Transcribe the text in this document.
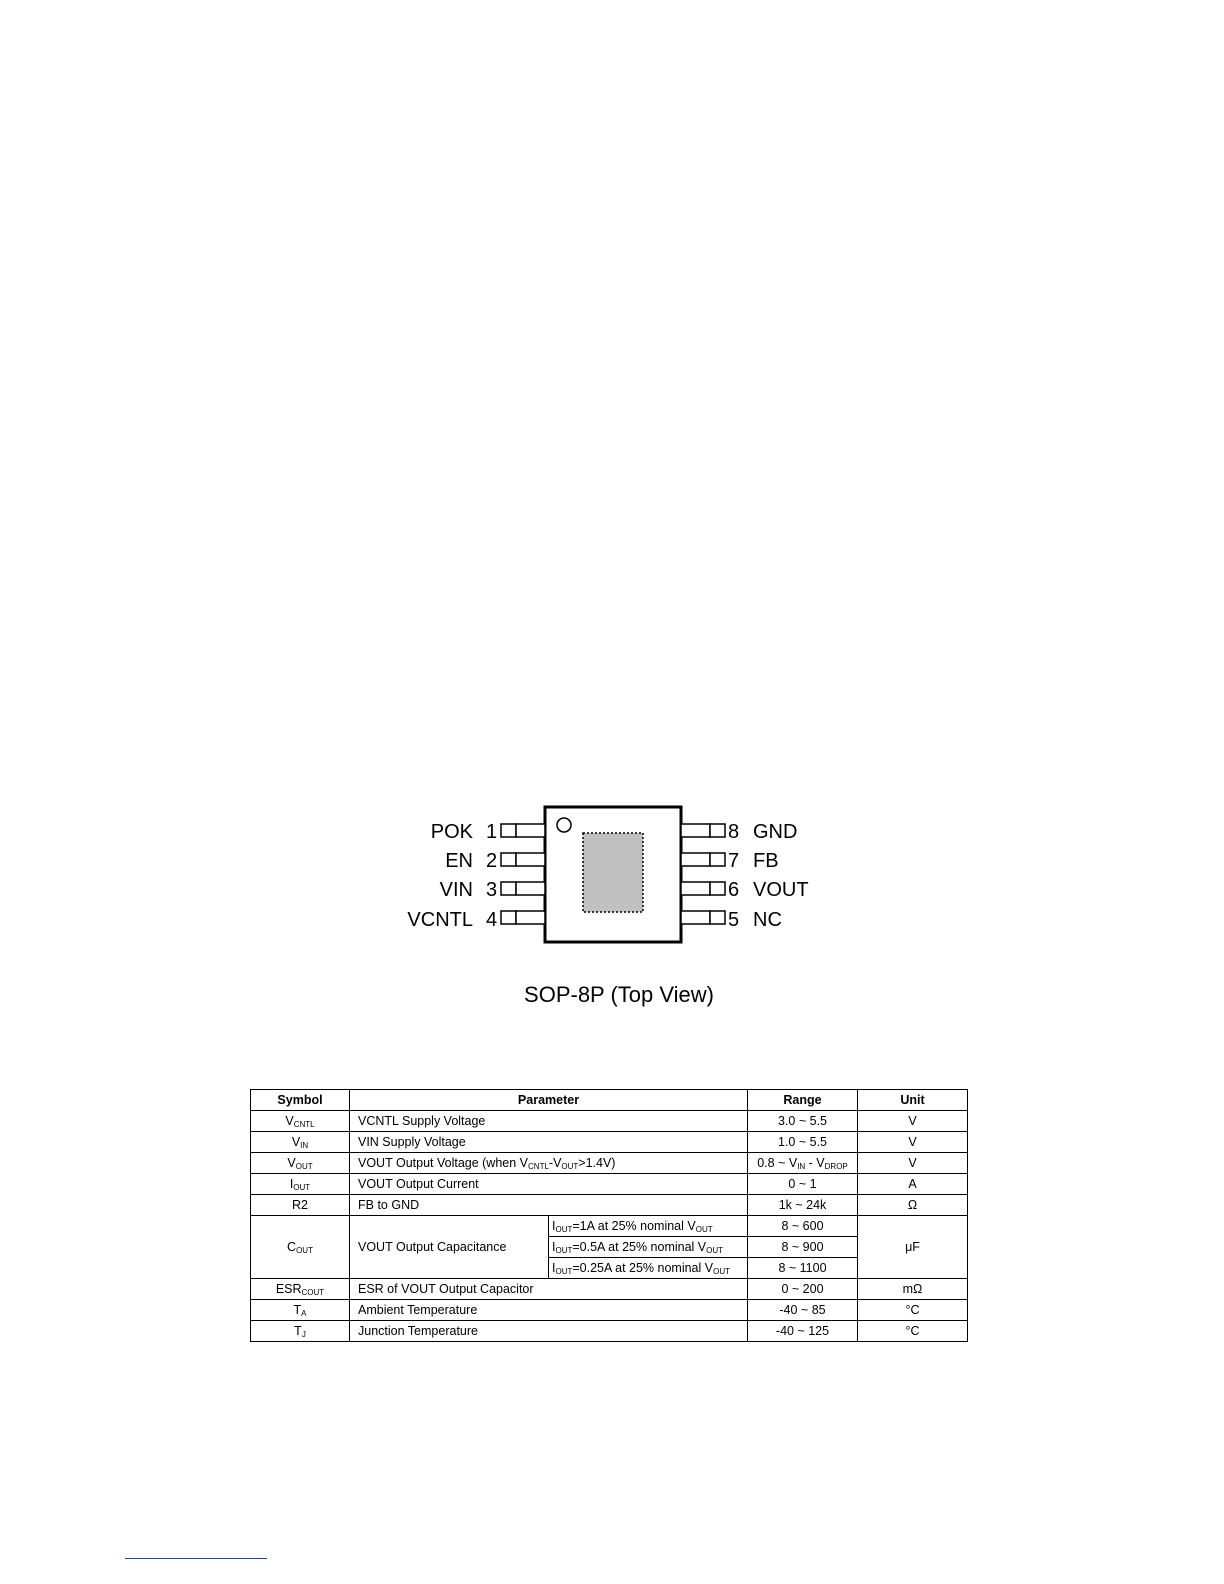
POK 1
EN 2
VIN 3
VCNTL 4
8 GND
7 FB
6 VOUT
5 NC
SOP-8P (Top View)
Symbol	Parameter		Range	Unit
$V_{CNTL}$	VCNTL Supply Voltage		3.0 ~ 5.5	V
$V_{IN}$	VIN Supply Voltage		1.0 ~ 5.5	V
$V_{OUT}$	VOUT Output Voltage (when $V_{CNTL}-V_{OUT}>1.4V$)		0.8 ~ $V_{IN} - V_{DROP}$	V
$I_{OUT}$	VOUT Output Current		0 ~ 1	A
R2	FB to GND		1k ~ 24k	Ω
$C_{OUT}$	VOUT Output Capacitance	$I_{OUT}=1A$ at 25% nominal $V_{OUT}$	8 ~ 600	μF
		$I_{OUT}=0.5A$ at 25% nominal $V_{OUT}$	8 ~ 900	
		$I_{OUT}=0.25A$ at 25% nominal $V_{OUT}$	8 ~ 1100	
$ESR_{COUT}$	ESR of VOUT Output Capacitor		0 ~ 200	mΩ
$T_A$	Ambient Temperature		-40 ~ 85	°C
$T_J$	Junction Temperature		-40 ~ 125	°C
